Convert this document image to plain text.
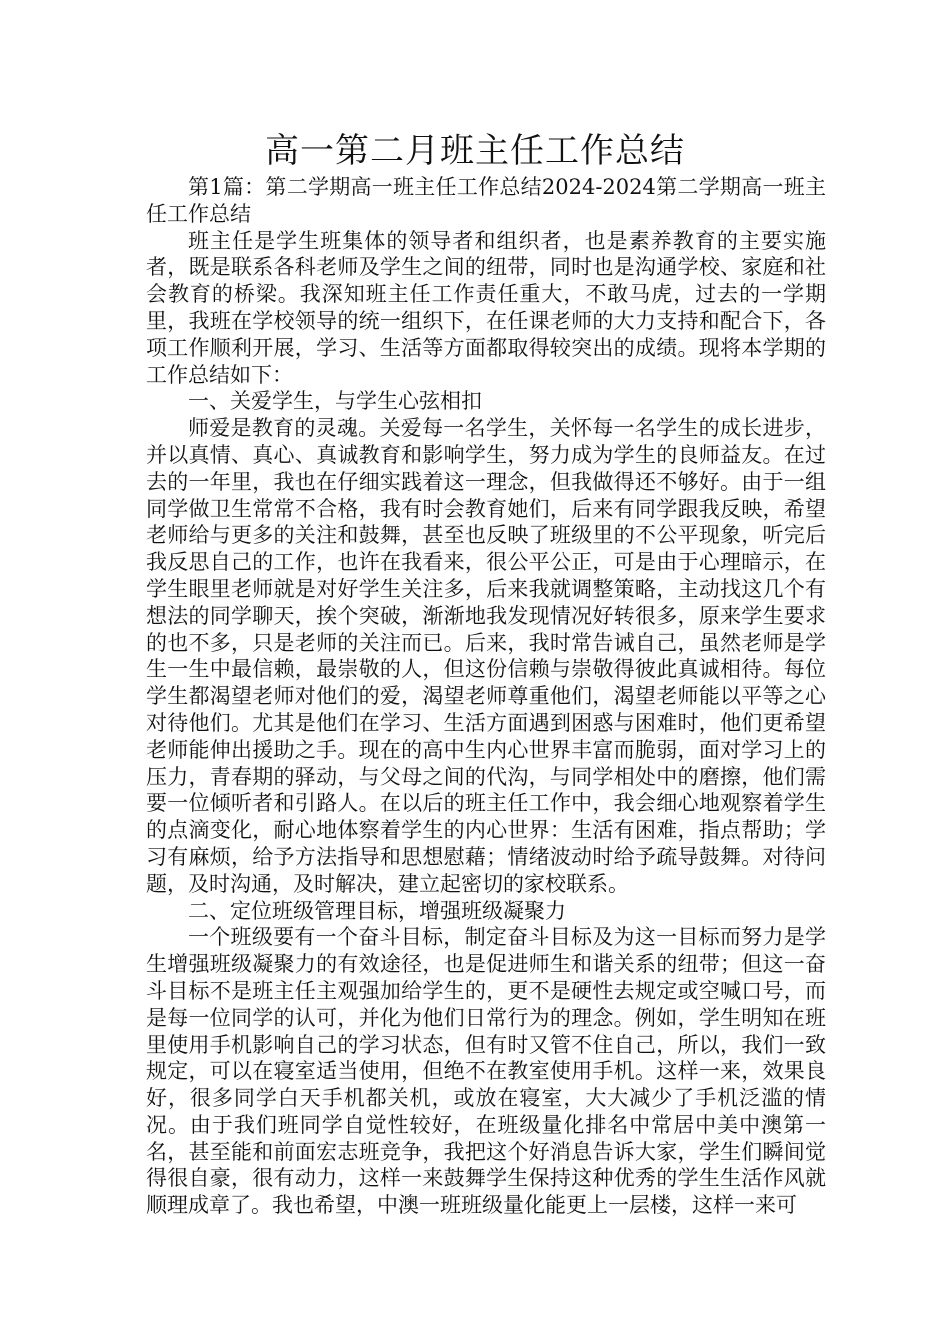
高一第二月班主任工作总结

第1篇：第二学期高一班主任工作总结2024-2024第二学期高一班主任工作总结

班主任是学生班集体的领导者和组织者，也是素养教育的主要实施者，既是联系各科老师及学生之间的纽带，同时也是沟通学校、家庭和社会教育的桥梁。我深知班主任工作责任重大，不敢马虎，过去的一学期里，我班在学校领导的统一组织下，在任课老师的大力支持和配合下，各项工作顺利开展，学习、生活等方面都取得较突出的成绩。现将本学期的工作总结如下：

一、关爱学生，与学生心弦相扣

师爱是教育的灵魂。关爱每一名学生，关怀每一名学生的成长进步，并以真情、真心、真诚教育和影响学生，努力成为学生的良师益友。在过去的一年里，我也在仔细实践着这一理念，但我做得还不够好。由于一组同学做卫生常常不合格，我有时会教育她们，后来有同学跟我反映，希望老师给与更多的关注和鼓舞，甚至也反映了班级里的不公平现象，听完后我反思自己的工作，也许在我看来，很公平公正，可是由于心理暗示，在学生眼里老师就是对好学生关注多，后来我就调整策略，主动找这几个有想法的同学聊天，挨个突破，渐渐地我发现情况好转很多，原来学生要求的也不多，只是老师的关注而已。后来，我时常告诫自己，虽然老师是学生一生中最信赖，最崇敬的人，但这份信赖与崇敬得彼此真诚相待。每位学生都渴望老师对他们的爱，渴望老师尊重他们，渴望老师能以平等之心对待他们。尤其是他们在学习、生活方面遇到困惑与困难时，他们更希望老师能伸出援助之手。现在的高中生内心世界丰富而脆弱，面对学习上的压力，青春期的驿动，与父母之间的代沟，与同学相处中的磨擦，他们需要一位倾听者和引路人。在以后的班主任工作中，我会细心地观察着学生的点滴变化，耐心地体察着学生的内心世界：生活有困难，指点帮助；学习有麻烦，给予方法指导和思想慰藉；情绪波动时给予疏导鼓舞。对待问题，及时沟通，及时解决，建立起密切的家校联系。

二、定位班级管理目标，增强班级凝聚力

一个班级要有一个奋斗目标，制定奋斗目标及为这一目标而努力是学生增强班级凝聚力的有效途径，也是促进师生和谐关系的纽带；但这一奋斗目标不是班主任主观强加给学生的，更不是硬性去规定或空喊口号，而是每一位同学的认可，并化为他们日常行为的理念。例如，学生明知在班里使用手机影响自己的学习状态，但有时又管不住自己，所以，我们一致规定，可以在寝室适当使用，但绝不在教室使用手机。这样一来，效果良好，很多同学白天手机都关机，或放在寝室，大大减少了手机泛滥的情况。由于我们班同学自觉性较好，在班级量化排名中常居中美中澳第一名，甚至能和前面宏志班竞争，我把这个好消息告诉大家，学生们瞬间觉得很自豪，很有动力，这样一来鼓舞学生保持这种优秀的学生生活作风就顺理成章了。我也希望，中澳一班班级量化能更上一层楼，这样一来可
